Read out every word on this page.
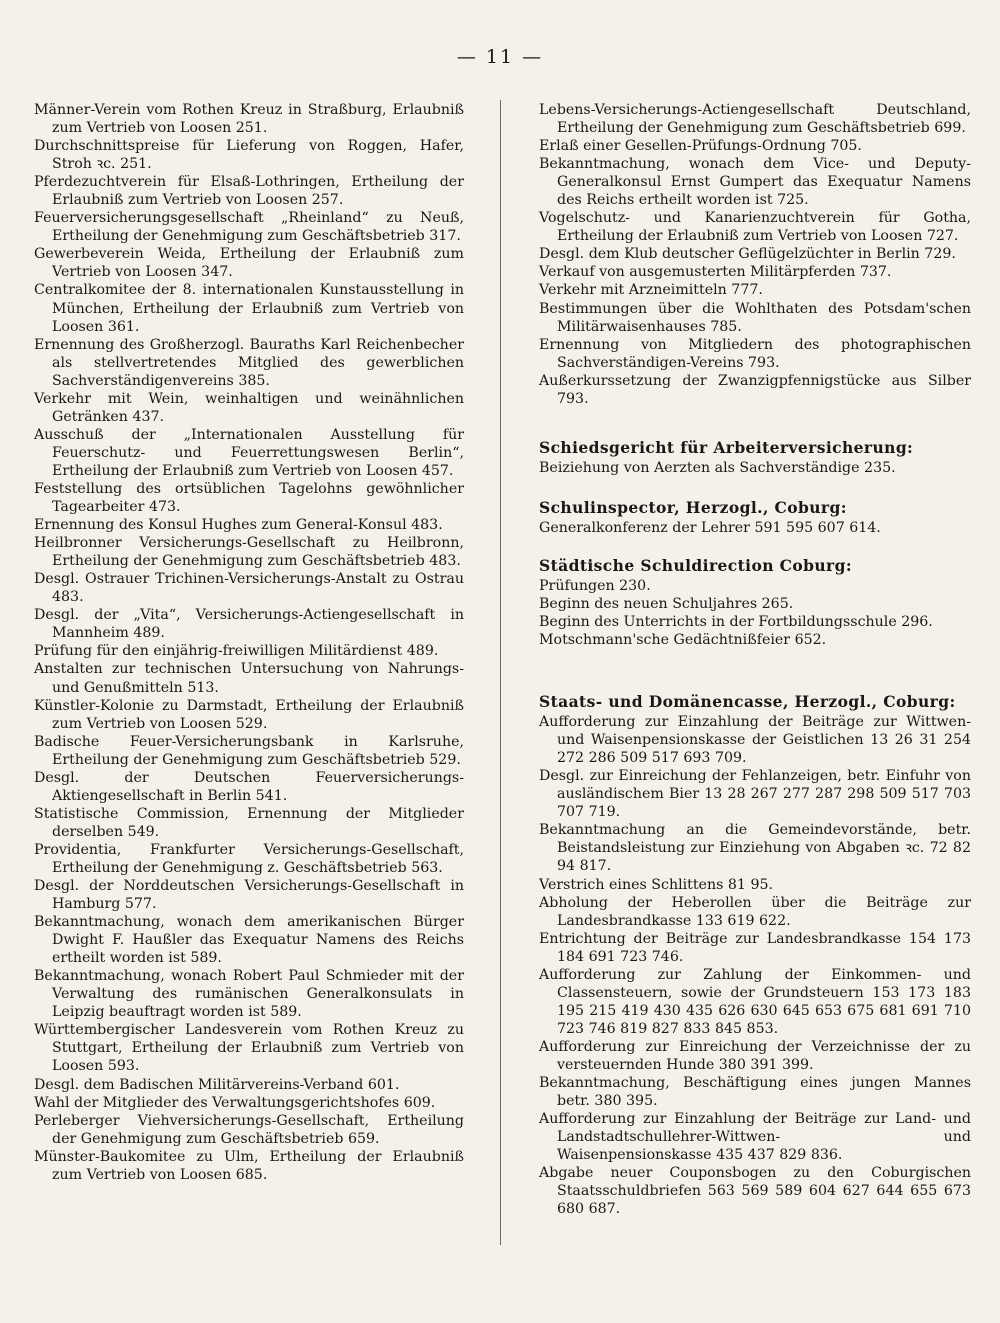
— 11 —
Männer-Verein vom Rothen Kreuz in Straßburg, Erlaubniß zum Vertrieb von Loosen 251.
Durchschnittspreise für Lieferung von Roggen, Hafer, Stroh ꝛc. 251.
Pferdezuchtverein für Elsaß-Lothringen, Ertheilung der Erlaubniß zum Vertrieb von Loosen 257.
Feuerversicherungsgesellschaft „Rheinland“ zu Neuß, Ertheilung der Genehmigung zum Geschäftsbetrieb 317.
Gewerbeverein Weida, Ertheilung der Erlaubniß zum Vertrieb von Loosen 347.
Centralkomitee der 8. internationalen Kunstausstellung in München, Ertheilung der Erlaubniß zum Vertrieb von Loosen 361.
Ernennung des Großherzogl. Bauraths Karl Reichenbecher als stellvertretendes Mitglied des gewerblichen Sachverständigenvereins 385.
Verkehr mit Wein, weinhaltigen und weinähnlichen Getränken 437.
Ausschuß der „Internationalen Ausstellung für Feuerschutz- und Feuerrettungswesen Berlin“, Ertheilung der Erlaubniß zum Vertrieb von Loosen 457.
Feststellung des ortsüblichen Tagelohns gewöhnlicher Tagearbeiter 473.
Ernennung des Konsul Hughes zum General-Konsul 483.
Heilbronner Versicherungs-Gesellschaft zu Heilbronn, Ertheilung der Genehmigung zum Geschäftsbetrieb 483.
Desgl. Ostrauer Trichinen-Versicherungs-Anstalt zu Ostrau 483.
Desgl. der „Vita“, Versicherungs-Actiengesellschaft in Mannheim 489.
Prüfung für den einjährig-freiwilligen Militärdienst 489.
Anstalten zur technischen Untersuchung von Nahrungs- und Genußmitteln 513.
Künstler-Kolonie zu Darmstadt, Ertheilung der Erlaubniß zum Vertrieb von Loosen 529.
Badische Feuer-Versicherungsbank in Karlsruhe, Ertheilung der Genehmigung zum Geschäftsbetrieb 529.
Desgl. der Deutschen Feuerversicherungs-Aktiengesellschaft in Berlin 541.
Statistische Commission, Ernennung der Mitglieder derselben 549.
Providentia, Frankfurter Versicherungs-Gesellschaft, Ertheilung der Genehmigung z. Geschäftsbetrieb 563.
Desgl. der Norddeutschen Versicherungs-Gesellschaft in Hamburg 577.
Bekanntmachung, wonach dem amerikanischen Bürger Dwight F. Haußler das Exequatur Namens des Reichs ertheilt worden ist 589.
Bekanntmachung, wonach Robert Paul Schmieder mit der Verwaltung des rumänischen Generalkonsulats in Leipzig beauftragt worden ist 589.
Württembergischer Landesverein vom Rothen Kreuz zu Stuttgart, Ertheilung der Erlaubniß zum Vertrieb von Loosen 593.
Desgl. dem Badischen Militärvereins-Verband 601.
Wahl der Mitglieder des Verwaltungsgerichtshofes 609.
Perleberger Viehversicherungs-Gesellschaft, Ertheilung der Genehmigung zum Geschäftsbetrieb 659.
Münster-Baukomitee zu Ulm, Ertheilung der Erlaubniß zum Vertrieb von Loosen 685.
Lebens-Versicherungs-Actiengesellschaft Deutschland, Ertheilung der Genehmigung zum Geschäftsbetrieb 699.
Erlaß einer Gesellen-Prüfungs-Ordnung 705.
Bekanntmachung, wonach dem Vice- und Deputy-Generalkonsul Ernst Gumpert das Exequatur Namens des Reichs ertheilt worden ist 725.
Vogelschutz- und Kanarienzuchtverein für Gotha, Ertheilung der Erlaubniß zum Vertrieb von Loosen 727.
Desgl. dem Klub deutscher Geflügelzüchter in Berlin 729.
Verkauf von ausgemusterten Militärpferden 737.
Verkehr mit Arzneimitteln 777.
Bestimmungen über die Wohlthaten des Potsdam'schen Militärwaisenhauses 785.
Ernennung von Mitgliedern des photographischen Sachverständigen-Vereins 793.
Außerkurssetzung der Zwanzigpfennigstücke aus Silber 793.
Schiedsgericht für Arbeiterversicherung:
Beiziehung von Aerzten als Sachverständige 235.
Schulinspector, Herzogl., Coburg:
Generalkonferenz der Lehrer 591 595 607 614.
Städtische Schuldirection Coburg:
Prüfungen 230.
Beginn des neuen Schuljahres 265.
Beginn des Unterrichts in der Fortbildungsschule 296.
Motschmann'sche Gedächtnißfeier 652.
Staats- und Domänencasse, Herzogl., Coburg:
Aufforderung zur Einzahlung der Beiträge zur Wittwen- und Waisenpensionskasse der Geistlichen 13 26 31 254 272 286 509 517 693 709.
Desgl. zur Einreichung der Fehlanzeigen, betr. Einfuhr von ausländischem Bier 13 28 267 277 287 298 509 517 703 707 719.
Bekanntmachung an die Gemeindevorstände, betr. Beistandsleistung zur Einziehung von Abgaben ꝛc. 72 82 94 817.
Verstrich eines Schlittens 81 95.
Abholung der Heberollen über die Beiträge zur Landesbrandkasse 133 619 622.
Entrichtung der Beiträge zur Landesbrandkasse 154 173 184 691 723 746.
Aufforderung zur Zahlung der Einkommen- und Classensteuern, sowie der Grundsteuern 153 173 183 195 215 419 430 435 626 630 645 653 675 681 691 710 723 746 819 827 833 845 853.
Aufforderung zur Einreichung der Verzeichnisse der zu versteuernden Hunde 380 391 399.
Bekanntmachung, Beschäftigung eines jungen Mannes betr. 380 395.
Aufforderung zur Einzahlung der Beiträge zur Land- und Landstadtschullehrer-Wittwen- und Waisenpensionskasse 435 437 829 836.
Abgabe neuer Couponsbogen zu den Coburgischen Staatsschuldbriefen 563 569 589 604 627 644 655 673 680 687.
